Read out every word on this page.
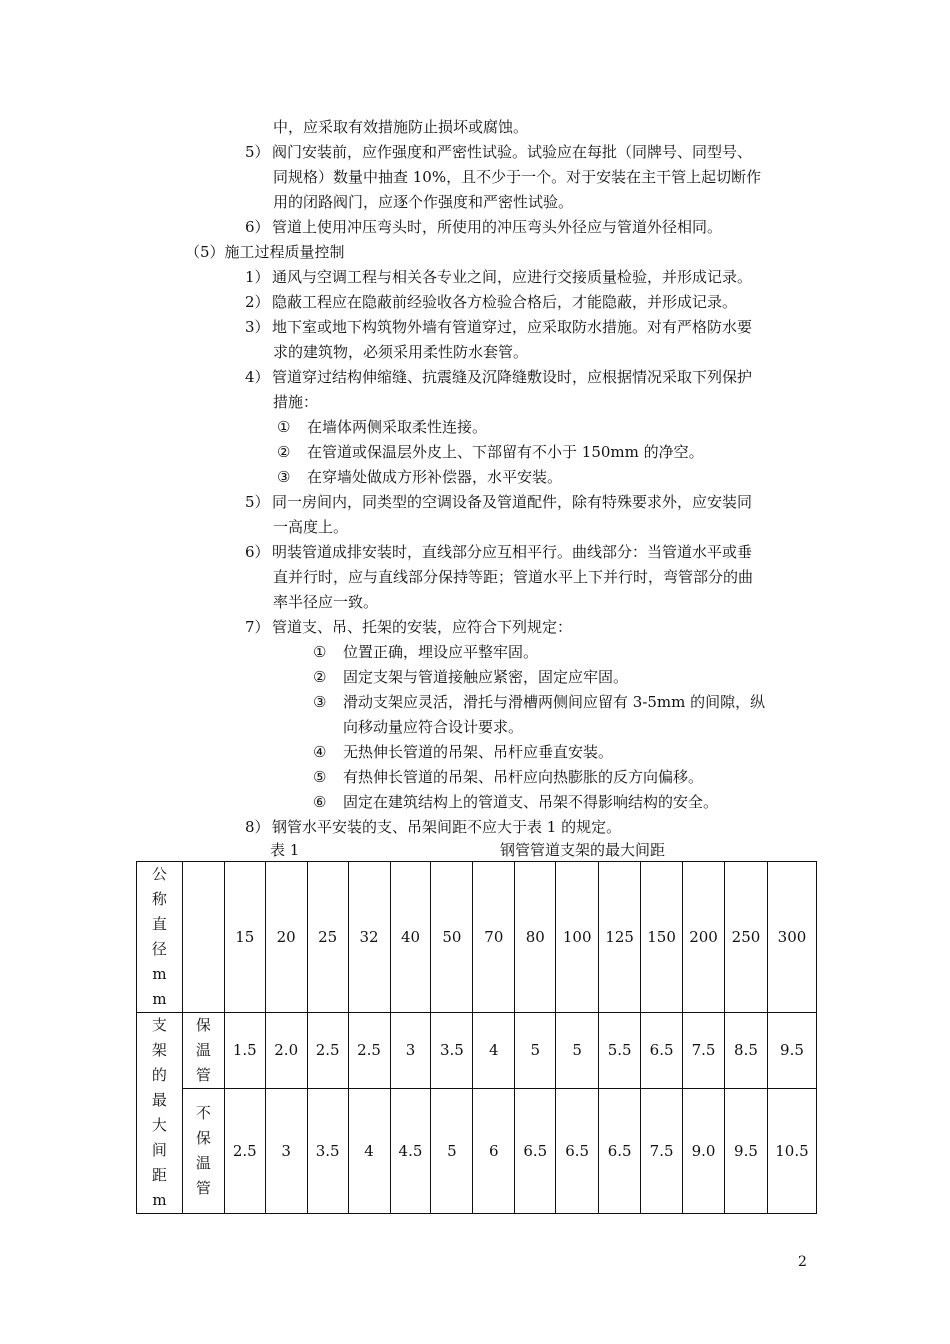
中，应采取有效措施防止损坏或腐蚀。
5） 阀门安装前，应作强度和严密性试验。试验应在每批（同牌号、同型号、
同规格）数量中抽查 10%，且不少于一个。对于安装在主干管上起切断作
用的闭路阀门，应逐个作强度和严密性试验。
6） 管道上使用冲压弯头时，所使用的冲压弯头外径应与管道外径相同。
（5）施工过程质量控制
1） 通风与空调工程与相关各专业之间，应进行交接质量检验，并形成记录。
2） 隐蔽工程应在隐蔽前经验收各方检验合格后，才能隐蔽，并形成记录。
3） 地下室或地下构筑物外墙有管道穿过，应采取防水措施。对有严格防水要
求的建筑物，必须采用柔性防水套管。
4） 管道穿过结构伸缩缝、抗震缝及沉降缝敷设时，应根据情况采取下列保护
措施：
① 在墙体两侧采取柔性连接。
② 在管道或保温层外皮上、下部留有不小于 150mm 的净空。
③ 在穿墙处做成方形补偿器，水平安装。
5） 同一房间内，同类型的空调设备及管道配件，除有特殊要求外，应安装同
一高度上。
6） 明装管道成排安装时，直线部分应互相平行。曲线部分：当管道水平或垂
直并行时，应与直线部分保持等距；管道水平上下并行时，弯管部分的曲
率半径应一致。
7） 管道支、吊、托架的安装，应符合下列规定：
① 位置正确，埋设应平整牢固。
② 固定支架与管道接触应紧密，固定应牢固。
③ 滑动支架应灵活，滑托与滑槽两侧间应留有 3-5mm 的间隙，纵
向移动量应符合设计要求。
④ 无热伸长管道的吊架、吊杆应垂直安装。
⑤ 有热伸长管道的吊架、吊杆应向热膨胀的反方向偏移。
⑥ 固定在建筑结构上的管道支、吊架不得影响结构的安全。
8） 钢管水平安装的支、吊架间距不应大于表 1 的规定。
表 1	钢管管道支架的最大间距
公称直径mm		15	20	25	32	40	50	70	80	100	125	150	200	250	300

支架的最大间距m	保温管	1.5	2.0	2.5	2.5	3	3.5	4	5	5	5.5	6.5	7.5	8.5	9.5

	不保温管	2.5	3	3.5	4	4.5	5	6	6.5	6.5	6.5	7.5	9.0	9.5	10.5
2
